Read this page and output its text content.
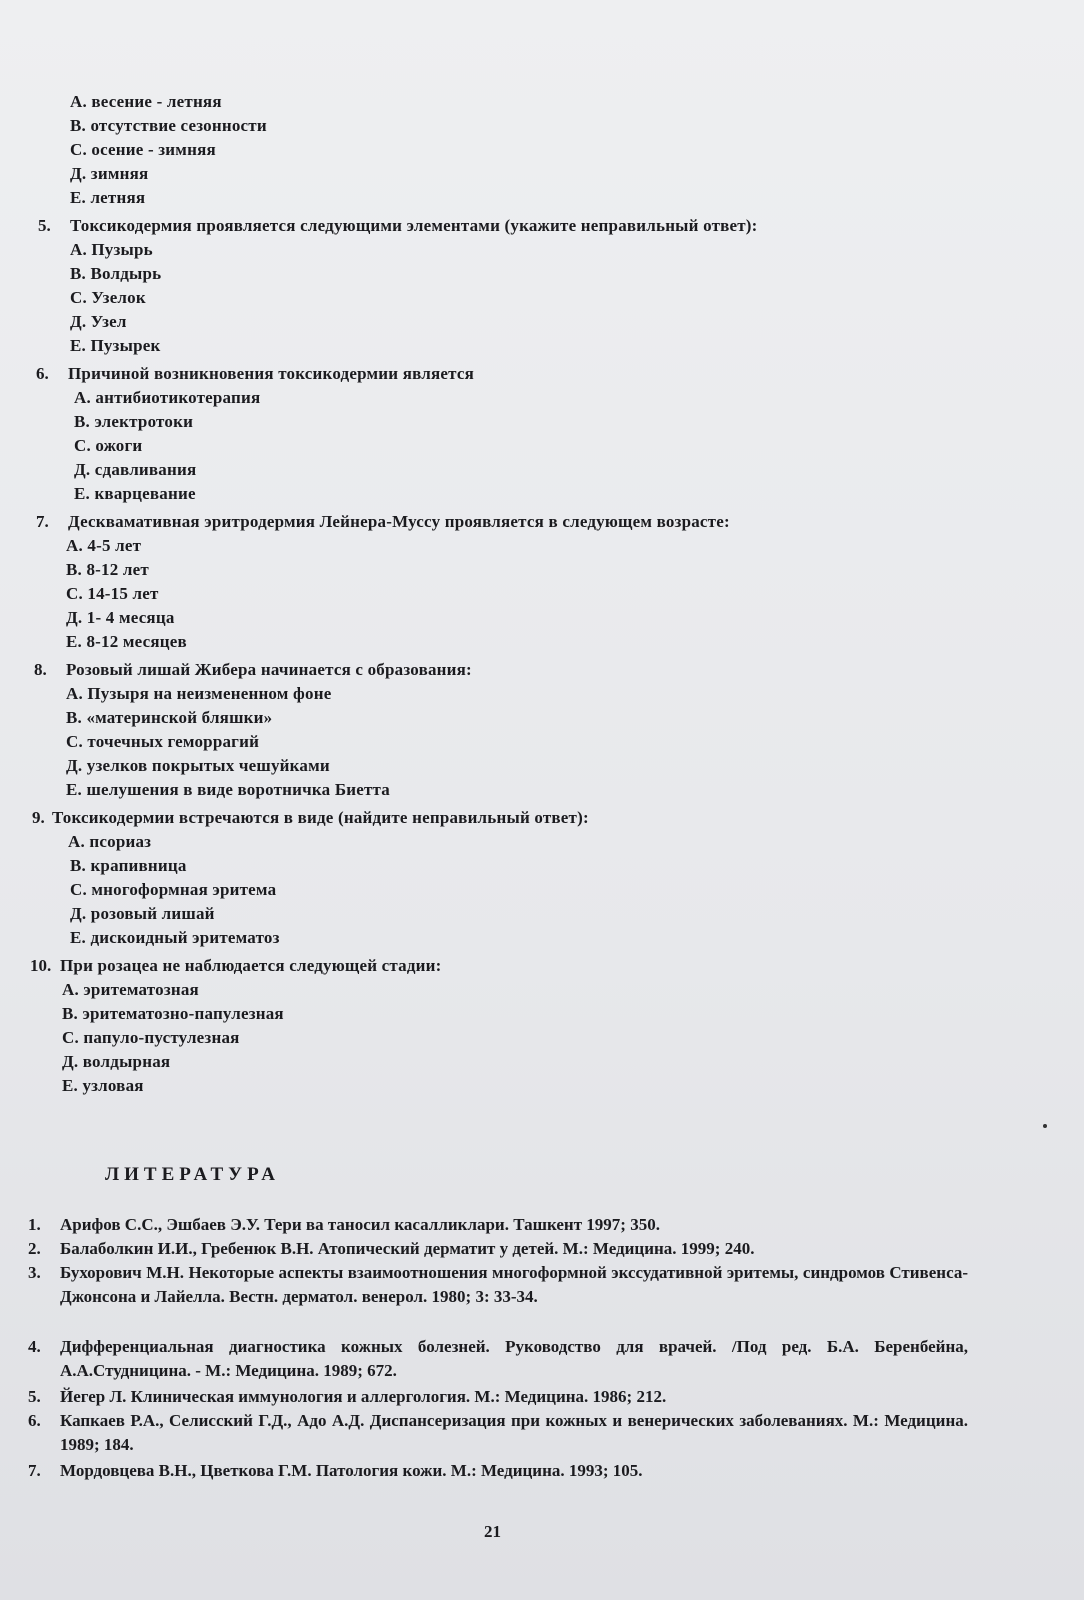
А. весение - летняя
В. отсутствие сезонности
С. осение - зимняя
Д. зимняя
Е. летняя
5. Токсикодермия проявляется следующими элементами (укажите неправильный ответ):
А. Пузырь
В. Волдырь
С. Узелок
Д. Узел
Е. Пузырек
6. Причиной возникновения токсикодермии является
А. антибиотикотерапия
В. электротоки
С. ожоги
Д. сдавливания
Е. кварцевание
7. Десквамативная эритродермия Лейнера-Муссу проявляется в следующем возрасте:
А. 4-5 лет
В. 8-12 лет
С. 14-15 лет
Д. 1- 4 месяца
Е. 8-12 месяцев
8. Розовый лишай Жибера начинается с образования:
А. Пузыря на неизмененном фоне
В. «материнской бляшки»
С. точечных геморрагий
Д. узелков покрытых чешуйками
Е. шелушения в виде воротничка Биетта
9. Токсикодермии встречаются в виде (найдите неправильный ответ):
А. псориаз
В. крапивница
С. многоформная эритема
Д. розовый лишай
Е. дискоидный эритематоз
10. При розацеа не наблюдается следующей стадии:
А. эритематозная
В. эритематозно-папулезная
С. папуло-пустулезная
Д. волдырная
Е. узловая
ЛИТЕРАТУРА
1.	Арифов С.С., Эшбаев Э.У. Тери ва таносил касалликлари. Ташкент 1997; 350.
2.	Балаболкин И.И., Гребенюк В.Н. Атопический дерматит у детей. М.: Медицина. 1999; 240.
3.	Бухорович М.Н. Некоторые аспекты взаимоотношения многоформной экссудативной эритемы, синдромов Стивенса-Джонсона и Лайелла. Вестн. дерматол. венерол. 1980; 3: 33-34.
4.	Дифференциальная диагностика кожных болезней. Руководство для врачей. /Под ред. Б.А. Беренбейна, А.А.Студницина. - М.: Медицина. 1989; 672.
5.	Йегер Л. Клиническая иммунология и аллергология. М.: Медицина. 1986; 212.
6.	Капкаев Р.А., Селисский Г.Д., Адо А.Д. Диспансеризация при кожных и венерических заболеваниях. М.: Медицина. 1989; 184.
7.	Мордовцева В.Н., Цветкова Г.М. Патология кожи. М.: Медицина. 1993; 105.
21
